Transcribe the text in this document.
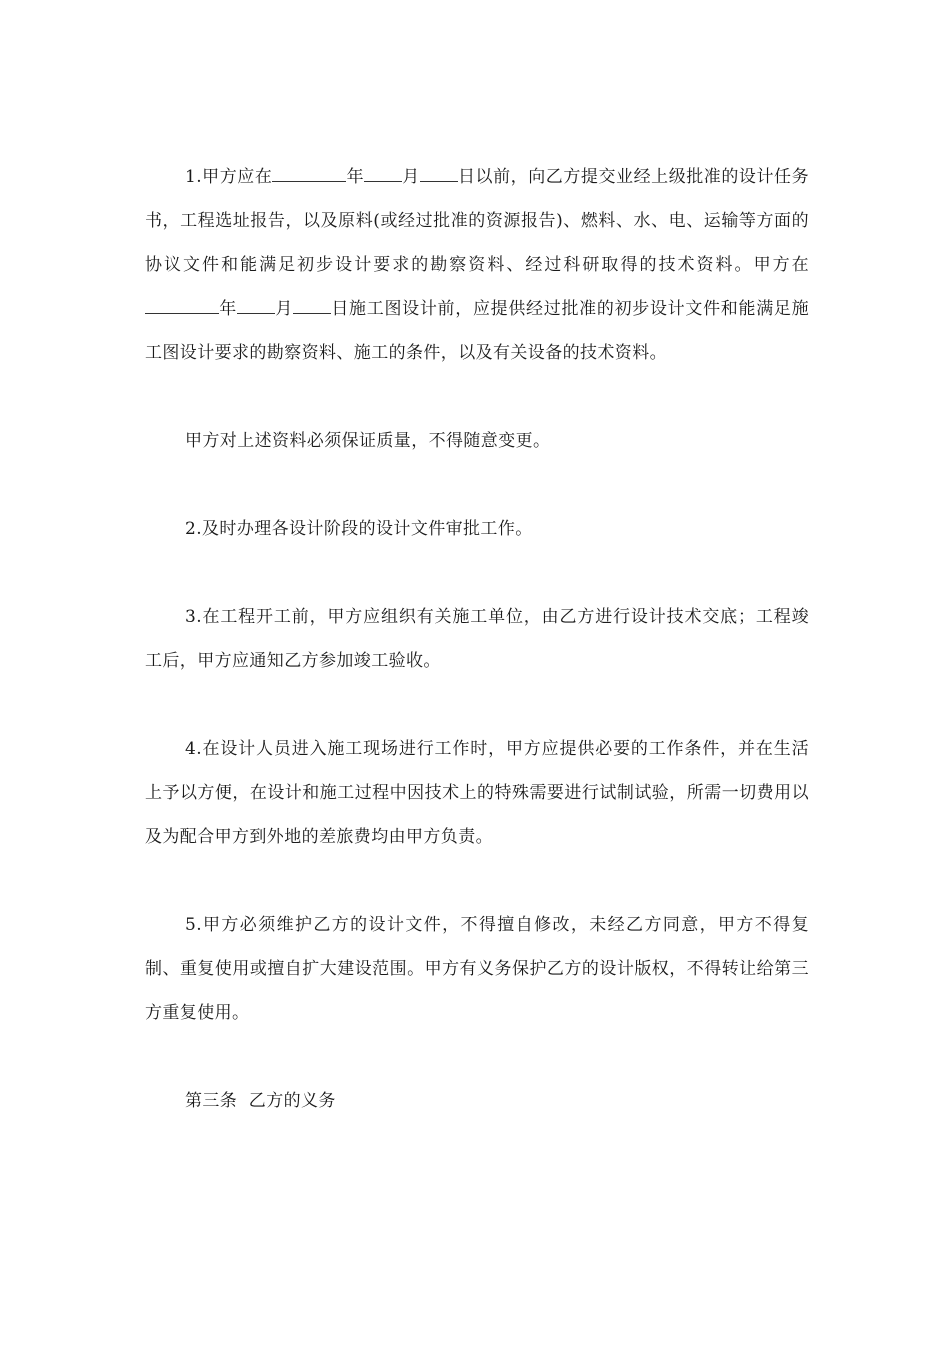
1.甲方应在	年 月 日以前，向乙方提交业经上级批准的设计任务书，工程选址报告，以及原料(或经过批准的资源报告)、燃料、水、电、运输等方面的协议文件和能满足初步设计要求的勘察资料、经过科研取得的技术资料。甲方在年 月 日施工图设计前，应提供经过批准的初步设计文件和能满足施工图设计要求的勘察资料、施工的条件，以及有关设备的技术资料。

甲方对上述资料必须保证质量，不得随意变更。

2.及时办理各设计阶段的设计文件审批工作。

3.在工程开工前，甲方应组织有关施工单位，由乙方进行设计技术交底；工程竣工后，甲方应通知乙方参加竣工验收。

4.在设计人员进入施工现场进行工作时，甲方应提供必要的工作条件，并在生活上予以方便，在设计和施工过程中因技术上的特殊需要进行试制试验，所需一切费用以及为配合甲方到外地的差旅费均由甲方负责。

5.甲方必须维护乙方的设计文件，不得擅自修改，未经乙方同意，甲方不得复制、重复使用或擅自扩大建设范围。甲方有义务保护乙方的设计版权，不得转让给第三方重复使用。

第三条  乙方的义务
